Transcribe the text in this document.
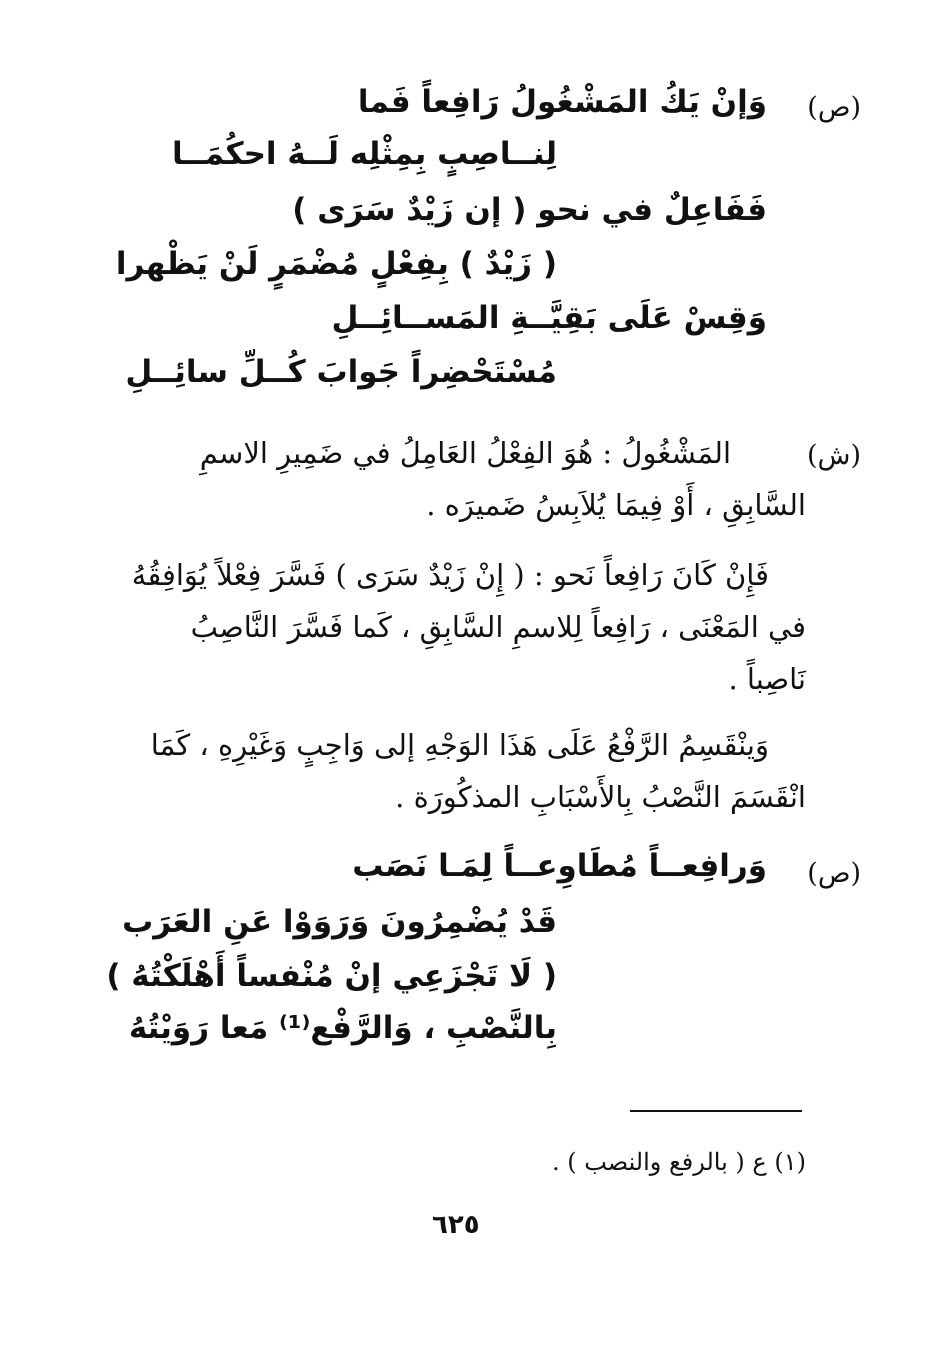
(ص)
وَإنْ يَكُ المَشْغُولُ رَافِعاً فَما
لِنــاصِبٍ بِمِثْلِه لَــهُ احكُمَــا
فَفَاعِلٌ في نحو ( إن زَيْدٌ سَرَى )
( زَيْدٌ ) بِفِعْلٍ مُضْمَرٍ لَنْ يَظْهرا
وَقِسْ عَلَى بَقِيَّــةِ المَســائِــلِ
مُسْتَحْضِراً جَوابَ كُــلِّ سائِــلِ
(ش)
المَشْغُولُ : هُوَ الفِعْلُ العَامِلُ في ضَمِيرِ الاسمِ
السَّابِقِ ، أَوْ فِيمَا يُلاَبِسُ ضَميرَه .
فَإِنْ كَانَ رَافِعاً نَحو : ( إِنْ زَيْدٌ سَرَى ) فَسَّرَ فِعْلاً يُوَافِقُهُ
في المَعْنَى ، رَافِعاً لِلاسمِ السَّابِقِ ، كَما فَسَّرَ النَّاصِبُ
نَاصِباً .
وَينْقَسِمُ الرَّفْعُ عَلَى هَذَا الوَجْهِ إلى وَاجِبٍ وَغَيْرِهِ ، كَمَا
انْقَسَمَ النَّصْبُ بِالأَسْبَابِ المذكُورَة .
(ص)
وَرافِعــاً مُطَاوِعــاً لِمَـا نَصَب
قَدْ يُضْمِرُونَ وَرَوَوْا عَنِ العَرَب
( لَا تَجْزَعِي إنْ مُنْفساً أَهْلَكْتُهُ )
بِالنَّصْبِ ، وَالرَّفْع⁽¹⁾ مَعا رَوَيْتُهُ
(١) ع ( بالرفع والنصب ) .
٦٢٥
